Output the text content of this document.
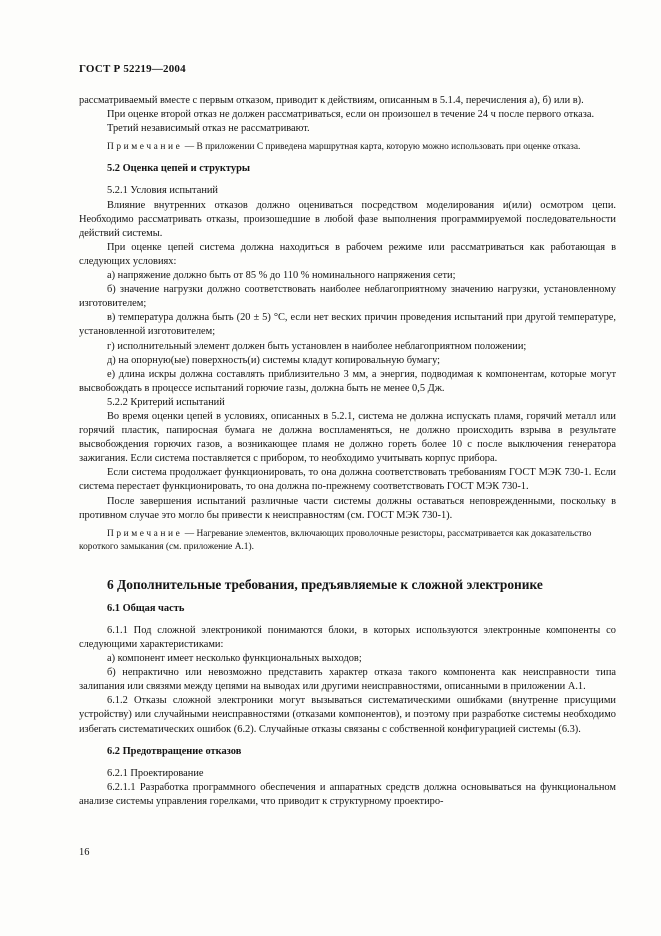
ГОСТ Р 52219—2004

рассматриваемый вместе с первым отказом, приводит к действиям, описанным в 5.1.4, перечисления а), б) или в).

При оценке второй отказ не должен рассматриваться, если он произошел в течение 24 ч после первого отказа.

Третий независимый отказ не рассматривают.

Примечание — В приложении С приведена маршрутная карта, которую можно использовать при оценке отказа.
5.2 Оценка цепей и структуры

5.2.1 Условия испытаний

Влияние внутренних отказов должно оцениваться посредством моделирования и(или) осмотром цепи. Необходимо рассматривать отказы, произошедшие в любой фазе выполнения программируемой последовательности действий системы.

При оценке цепей система должна находиться в рабочем режиме или рассматриваться как работающая в следующих условиях:

а) напряжение должно быть от 85 % до 110 % номинального напряжения сети;

б) значение нагрузки должно соответствовать наиболее неблагоприятному значению нагрузки, установленному изготовителем;

в) температура должна быть (20 ± 5) °С, если нет веских причин проведения испытаний при другой температуре, установленной изготовителем;

г) исполнительный элемент должен быть установлен в наиболее неблагоприятном положении;

д) на опорную(ые) поверхность(и) системы кладут копировальную бумагу;

е) длина искры должна составлять приблизительно 3 мм, а энергия, подводимая к компонентам, которые могут высвобождать в процессе испытаний горючие газы, должна быть не менее 0,5 Дж.

5.2.2 Критерий испытаний

Во время оценки цепей в условиях, описанных в 5.2.1, система не должна испускать пламя, горячий металл или горячий пластик, папиросная бумага не должна воспламеняться, не должно происходить взрыва в результате высвобождения горючих газов, а возникающее пламя не должно гореть более 10 с после выключения генератора зажигания. Если система поставляется с прибором, то необходимо учитывать корпус прибора.

Если система продолжает функционировать, то она должна соответствовать требованиям ГОСТ МЭК 730-1. Если система перестает функционировать, то она должна по-прежнему соответствовать ГОСТ МЭК 730-1.

После завершения испытаний различные части системы должны оставаться неповрежденными, поскольку в противном случае это могло бы привести к неисправностям (см. ГОСТ МЭК 730-1).

Примечание — Нагревание элементов, включающих проволочные резисторы, рассматривается как доказательство короткого замыкания (см. приложение А.1).
6 Дополнительные требования, предъявляемые к сложной электронике
6.1 Общая часть

6.1.1 Под сложной электроникой понимаются блоки, в которых используются электронные компоненты со следующими характеристиками:

а) компонент имеет несколько функциональных выходов;

б) непрактично или невозможно представить характер отказа такого компонента как неисправности типа залипания или связями между цепями на выводах или другими неисправностями, описанными в приложении А.1.

6.1.2 Отказы сложной электроники могут вызываться систематическими ошибками (внутренне присущими устройству) или случайными неисправностями (отказами компонентов), и поэтому при разработке системы необходимо избегать систематических ошибок (6.2). Случайные отказы связаны с собственной конфигурацией системы (6.3).

6.2 Предотвращение отказов

6.2.1 Проектирование

6.2.1.1 Разработка программного обеспечения и аппаратных средств должна основываться на функциональном анализе системы управления горелками, что приводит к структурному проектиро-

16
